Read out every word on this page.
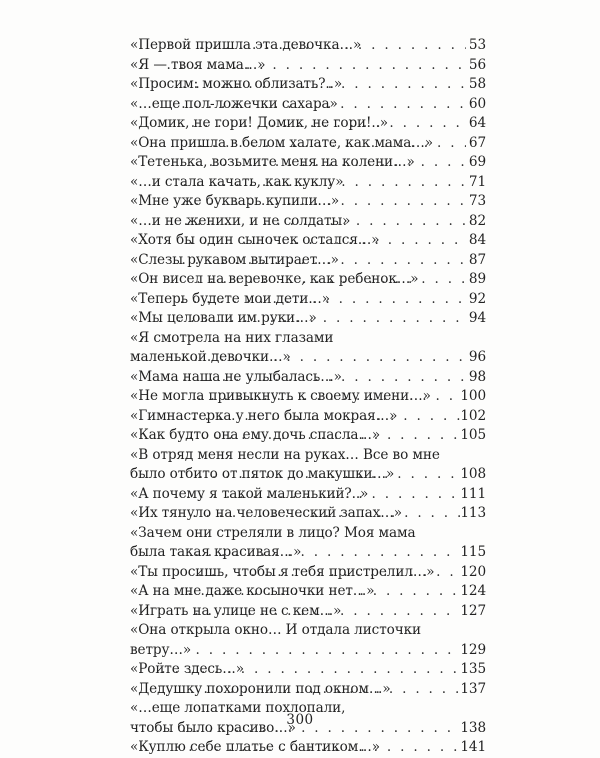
«Первой пришла эта девочка…» . . .	53
«Я — твоя мама…» . . .	56
«Просим: можно облизать?..» . . .	58
«…еще пол-ложечки сахара» . . .	60
«Домик, не гори! Домик, не гори!..» . . .	64
«Она пришла в белом халате, как мама…» . . .	67
«Тетенька, возьмите меня на колени…» . . .	69
«…и стала качать, как куклу» . . .	71
«Мне уже букварь купили…» . . .	73
«…и не женихи, и не солдаты» . . .	82
«Хотя бы один сыночек остался…» . . .	84
«Слезы рукавом вытирает…» . . .	87
«Он висел на веревочке, как ребенок…» . . .	89
«Теперь будете мои дети…» . . .	92
«Мы целовали им руки…» . . .	94
«Я смотрела на них глазами
маленькой девочки…» . . .	96
«Мама наша не улыбалась…» . . .	98
«Не могла привыкнуть к своему имени…» . . . 100
«Гимнастерка у него была мокрая…» . . .	102
«Как будто она ему дочь спасла…» . . .	105
«В отряд меня несли на руках… Все во мне
было отбито от пяток до макушки…» . . .	108
«А почему я такой маленький?..» . . .	111
«Их тянуло на человеческий запах…» . . .	113
«Зачем они стреляли в лицо? Моя мама
была такая красивая…» . . .	115
«Ты просишь, чтобы я тебя пристрелил…» . . . 120
«А на мне даже косыночки нет…» . . .	124
«Играть на улице не с кем…» . . .	127
«Она открыла окно… И отдала листочки
ветру…» . . .	129
«Ройте здесь…» . . .	135
«Дедушку похоронили под окном…» . . .	137
«…еще лопатками похлопали,
чтобы было красиво…» . . .	138
«Куплю себе платье с бантиком…» . . .	141
300
